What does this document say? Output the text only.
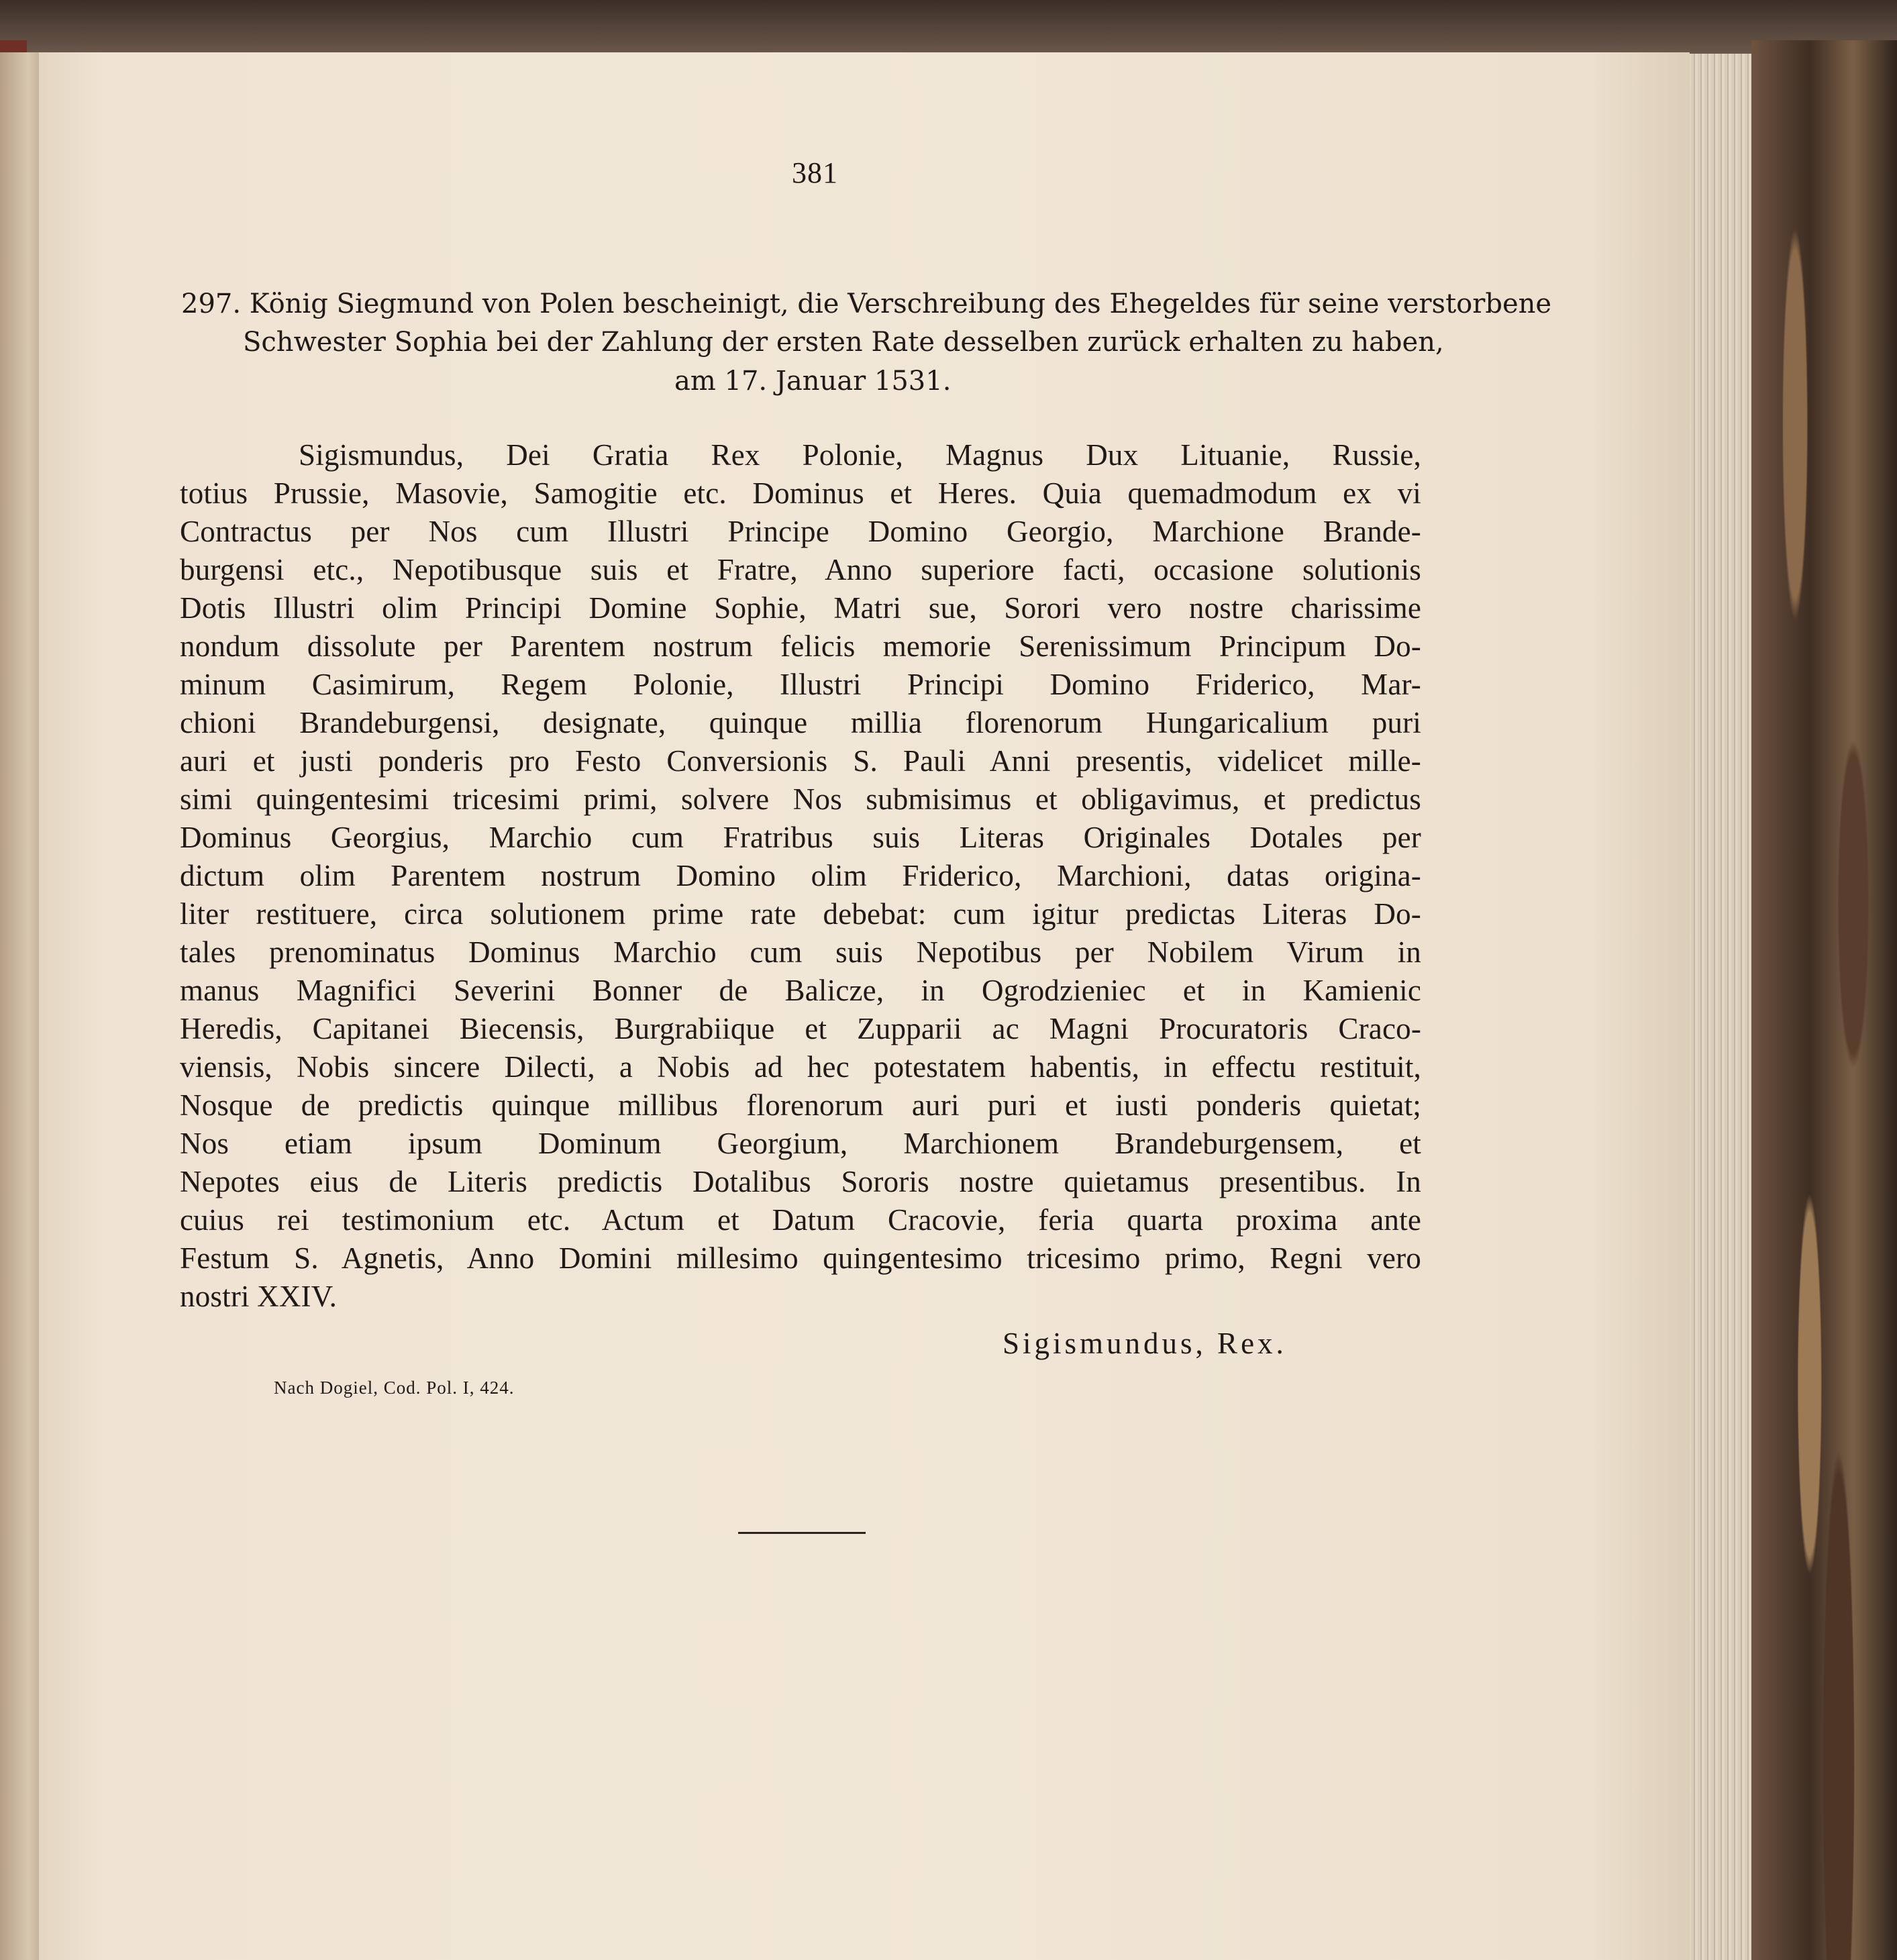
381
297. König Siegmund von Polen bescheinigt, die Verschreibung des Ehegeldes für seine verstorbene
Schwester Sophia bei der Zahlung der ersten Rate desselben zurück erhalten zu haben,
am 17. Januar 1531.
Sigismundus, Dei Gratia Rex Polonie, Magnus Dux Lituanie, Russie,
totius Prussie, Masovie, Samogitie etc. Dominus et Heres. Quia quemadmodum ex vi
Contractus per Nos cum Illustri Principe Domino Georgio, Marchione Brande-
burgensi etc., Nepotibusque suis et Fratre, Anno superiore facti, occasione solutionis
Dotis Illustri olim Principi Domine Sophie, Matri sue, Sorori vero nostre charissime
nondum dissolute per Parentem nostrum felicis memorie Serenissimum Principum Do-
minum Casimirum, Regem Polonie, Illustri Principi Domino Friderico, Mar-
chioni Brandeburgensi, designate, quinque millia florenorum Hungaricalium puri
auri et justi ponderis pro Festo Conversionis S. Pauli Anni presentis, videlicet mille-
simi quingentesimi tricesimi primi, solvere Nos submisimus et obligavimus, et predictus
Dominus Georgius, Marchio cum Fratribus suis Literas Originales Dotales per
dictum olim Parentem nostrum Domino olim Friderico, Marchioni, datas origina-
liter restituere, circa solutionem prime rate debebat: cum igitur predictas Literas Do-
tales prenominatus Dominus Marchio cum suis Nepotibus per Nobilem Virum in
manus Magnifici Severini Bonner de Balicze, in Ogrodzieniec et in Kamienic
Heredis, Capitanei Biecensis, Burgrabiique et Zupparii ac Magni Procuratoris Craco-
viensis, Nobis sincere Dilecti, a Nobis ad hec potestatem habentis, in effectu restituit,
Nosque de predictis quinque millibus florenorum auri puri et iusti ponderis quietat;
Nos etiam ipsum Dominum Georgium, Marchionem Brandeburgensem, et
Nepotes eius de Literis predictis Dotalibus Sororis nostre quietamus presentibus. In
cuius rei testimonium etc. Actum et Datum Cracovie, feria quarta proxima ante
Festum S. Agnetis, Anno Domini millesimo quingentesimo tricesimo primo, Regni vero
nostri XXIV.
Sigismundus, Rex.
Nach Dogiel, Cod. Pol. I, 424.
